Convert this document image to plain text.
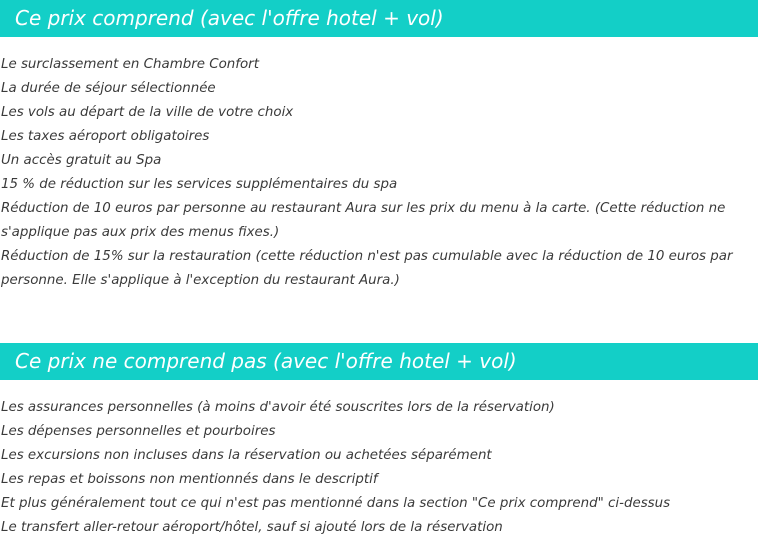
Ce prix comprend (avec l'offre hotel + vol)
Le surclassement en Chambre Confort
La durée de séjour sélectionnée
Les vols au départ de la ville de votre choix
Les taxes aéroport obligatoires
Un accès gratuit au Spa
15 % de réduction sur les services supplémentaires du spa
Réduction de 10 euros par personne au restaurant Aura sur les prix du menu à la carte. (Cette réduction ne s'applique pas aux prix des menus fixes.)
Réduction de 15% sur la restauration (cette réduction n'est pas cumulable avec la réduction de 10 euros par personne. Elle s'applique à l'exception du restaurant Aura.)
Ce prix ne comprend pas (avec l'offre hotel + vol)
Les assurances personnelles (à moins d'avoir été souscrites lors de la réservation)
Les dépenses personnelles et pourboires
Les excursions non incluses dans la réservation ou achetées séparément
Les repas et boissons non mentionnés dans le descriptif
Et plus généralement tout ce qui n'est pas mentionné dans la section "Ce prix comprend" ci-dessus
Le transfert aller-retour aéroport/hôtel, sauf si ajouté lors de la réservation
